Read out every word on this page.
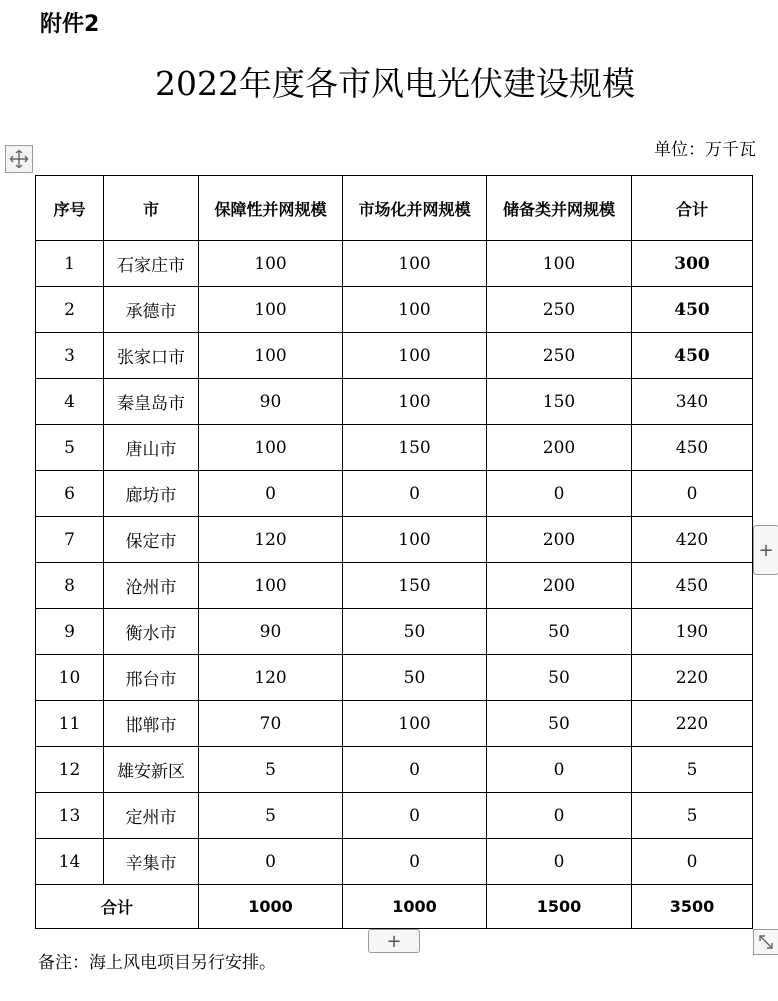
附件2
2022年度各市风电光伏建设规模
单位：万千瓦
序号	市	保障性并网规模	市场化并网规模	储备类并网规模	合计
1	石家庄市	100	100	100	300
2	承德市	100	100	250	450
3	张家口市	100	100	250	450
4	秦皇岛市	90	100	150	340
5	唐山市	100	150	200	450
6	廊坊市	0	0	0	0
7	保定市	120	100	200	420
8	沧州市	100	150	200	450
9	衡水市	90	50	50	190
10	邢台市	120	50	50	220
11	邯郸市	70	100	50	220
12	雄安新区	5	0	0	5
13	定州市	5	0	0	5
14	辛集市	0	0	0	0
合计		1000	1000	1500	3500
+
+
备注：海上风电项目另行安排。
